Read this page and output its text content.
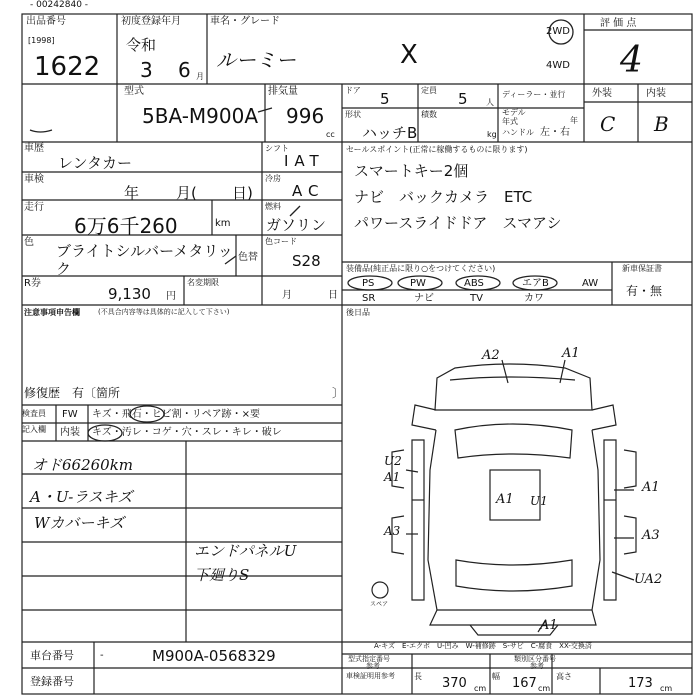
- 00242840 -
出品番号
[1998]
1622
初度登録年月
令和
3 6 月
車名・グレード
ルーミー	X
2WD
4WD
評 価 点
4
外装	内装
C B
型式
5BA-M900A
排気量
996
cc
ドア 5	定員 5 人
形状
ハッチB
積数
kg
ディーラー・並行
モデル年式	年
ハンドル 左・右
車歴
レンタカー
車検
年 月( 日)
走行
6万6千260	km
色 ブライトシルバーメタリック
色替
色コード
S28
シフト
IAT
冷房
AC
燃料
ガソリン
R券
9,130 円
名変期限
月	日
セールスポイント(正常に稼働するものに限ります)
スマートキー2個
ナビ　バックカメラ　ETC
パワースライドドア　スマアシ
装備品(純正品に限り○をつけてください)	新車保証書
有・無
PS	PW	ABS	エアB	AW
SR	ナビ	TV	カワ
注意事項申告欄	(不具合内容等は具体的に記入して下さい)
修復歴 有〔箇所	〕
後日品
検査員
記入欄
FW キズ・飛石・ヒビ割・リペア跡・×要
内装 キズ・汚レ・コゲ・穴・スレ・キレ・破レ
オド66260km
A・U-ラスキズ
Wカバーキズ
エンドパネルU
下廻りS
A2	A1
U2
A1
A1
A3	A3
UA2
A1 U1
A1
スペア
A-キズ　E-エクボ　U-凹み　W-補修跡　S-サビ　C-腐食　XX-交換済
車台番号	-	M900A-0568329
登録番号
型式指定番号
参考
類別区分番号
参考
車検証明用参考	長 370 cm
幅 167 cm
高さ	173 cm
